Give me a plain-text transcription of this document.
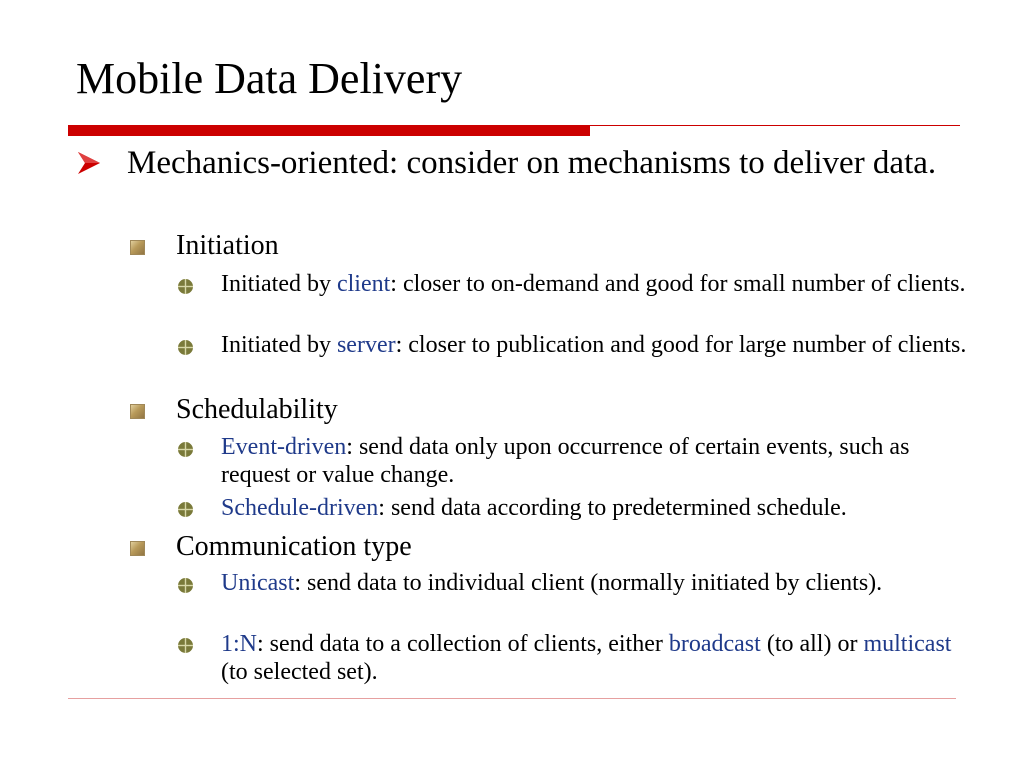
Mobile Data Delivery
Mechanics-oriented: consider on mechanisms to deliver data.
Initiation
Initiated by client: closer to on-demand and good for small number of clients.
Initiated by server: closer to publication and good for large number of clients.
Schedulability
Event-driven: send data only upon occurrence of certain events, such as request or value change.
Schedule-driven: send data according to predetermined schedule.
Communication type
Unicast: send data to individual client (normally initiated by clients).
1:N: send data to a collection of clients, either broadcast (to all) or multicast (to selected set).
